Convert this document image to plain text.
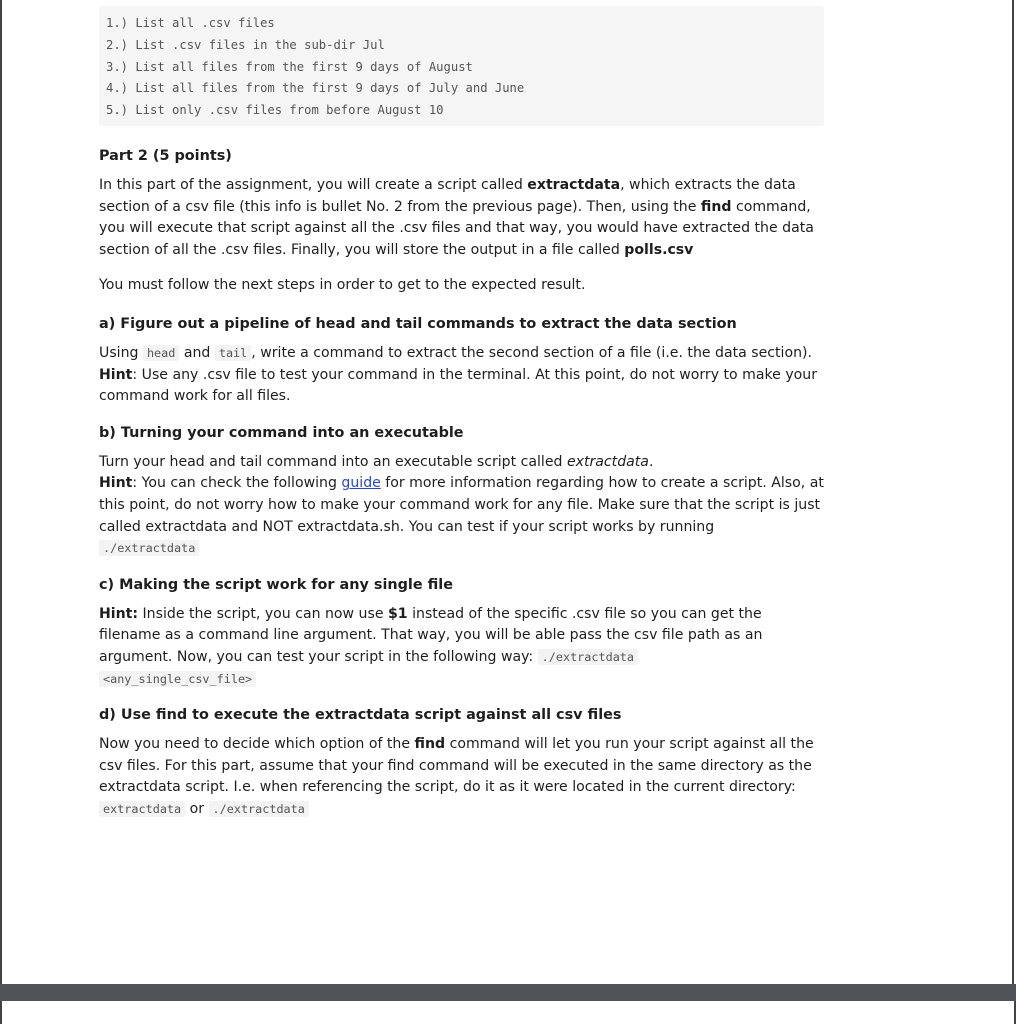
1.) List all .csv files
2.) List .csv files in the sub-dir Jul
3.) List all files from the first 9 days of August
4.) List all files from the first 9 days of July and June
5.) List only .csv files from before August 10
Part 2 (5 points)

In this part of the assignment, you will create a script called extractdata, which extracts the data section of a csv file (this info is bullet No. 2 from the previous page). Then, using the find command, you will execute that script against all the .csv files and that way, you would have extracted the data section of all the .csv files. Finally, you will store the output in a file called polls.csv

You must follow the next steps in order to get to the expected result.

a) Figure out a pipeline of head and tail commands to extract the data section
Using head and tail , write a command to extract the second section of a file (i.e. the data section).
Hint: Use any .csv file to test your command in the terminal. At this point, do not worry to make your command work for all files.
b) Turning your command into an executable
Turn your head and tail command into an executable script called extractdata.
Hint: You can check the following guide for more information regarding how to create a script. Also, at this point, do not worry how to make your command work for any file. Make sure that the script is just called extractdata and NOT extractdata.sh. You can test if your script works by running
./extractdata
c) Making the script work for any single file
Hint: Inside the script, you can now use $1 instead of the specific .csv file so you can get the filename as a command line argument. That way, you will be able pass the csv file path as an argument. Now, you can test your script in the following way: ./extractdata
<any_single_csv_file>
d) Use find to execute the extractdata script against all csv files
Now you need to decide which option of the find command will let you run your script against all the csv files. For this part, assume that your find command will be executed in the same directory as the extractdata script. I.e. when referencing the script, do it as it were located in the current directory:
extractdata or ./extractdata
